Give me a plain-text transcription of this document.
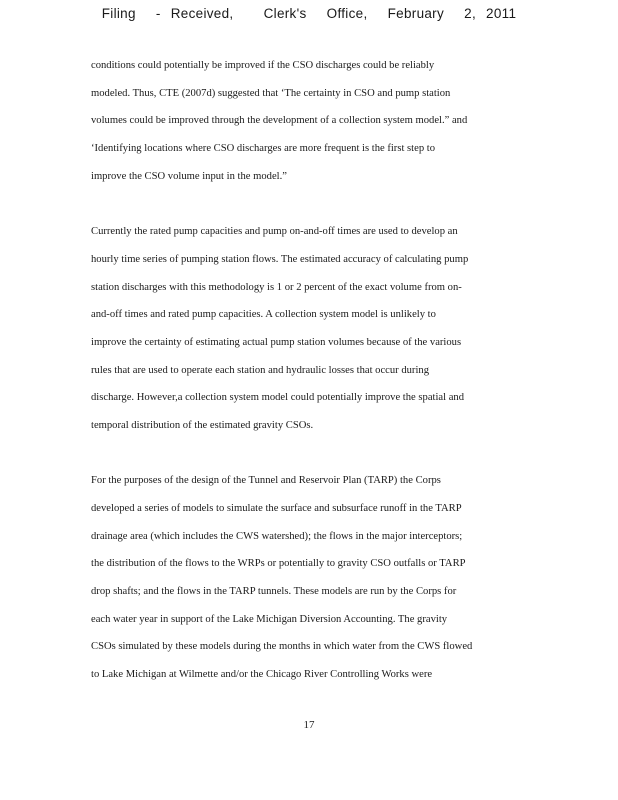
Filing  - Received,   Clerk's  Office,  February  2, 2011
conditions could potentially be improved if the CSO discharges could be reliably
modeled. Thus, CTE (2007d) suggested that ‘The certainty in CSO and pump station
volumes could be improved through the development of a collection system model.” and
‘Identifying locations where CSO discharges are more frequent is the first step to
improve the CSO volume input in the model.”
Currently the rated pump capacities and pump on-and-off times are used to develop an
hourly time series of pumping station flows. The estimated accuracy of calculating pump
station discharges with this methodology is 1 or 2 percent of the exact volume from on-
and-off times and rated pump capacities. A collection system model is unlikely to
improve the certainty of estimating actual pump station volumes because of the various
rules that are used to operate each station and hydraulic losses that occur during
discharge. However,a collection system model could potentially improve the spatial and
temporal distribution of the estimated gravity CSOs.
For the purposes of the design of the Tunnel and Reservoir Plan (TARP) the Corps
developed a series of models to simulate the surface and subsurface runoff in the TARP
drainage area (which includes the CWS watershed); the flows in the major interceptors;
the distribution of the flows to the WRPs or potentially to gravity CSO outfalls or TARP
drop shafts; and the flows in the TARP tunnels. These models are run by the Corps for
each water year in support of the Lake Michigan Diversion Accounting. The gravity
CSOs simulated by these models during the months in which water from the CWS flowed
to Lake Michigan at Wilmette and/or the Chicago River Controlling Works were
17
